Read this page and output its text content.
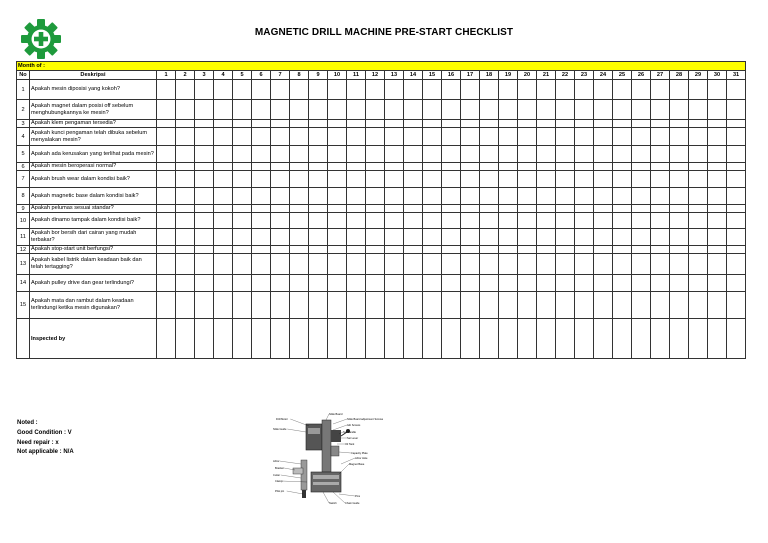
MAGNETIC DRILL MACHINE PRE-START CHECKLIST
Month of :																																
No	Deskripsi	1	2	3	4	5	6	7	8	9	10	11	12	13	14	15	16	17	18	19	20	21	22	23	24	25	26	27	28	29	30	31
1	Apakah mesin diposisi yang kokoh?																															
2	Apakah magnet dalam posisi off sebelum menghubungkannya ke mesin?																															
3	Apakah klem pengaman tersedia?																															
4	Apakah kunci pengaman telah dibuka sebelum menyalakan mesin?																															
5	Apakah ada kerusakan yang terlihat pada mesin?																															
6	Apakah mesin beroperasi normal?																															
7	Apakah brush wear dalam kondisi baik?																															
8	Apakah magnetic base dalam kondisi baik?																															
9	Apakah pelumas sesuai standar?																															
10	Apakah dinamo tampak dalam kondisi baik?																															
11	Apakah bor bersih dari cairan yang mudah terbakar?																															
12	Apakah stop-start unit berfungsi?																															
13	Apakah kabel listrik dalam keadaan baik dan telah tertagging?																															
14	Apakah pulley drive dan gear terlindungi?																															
15	Apakah mata dan rambut dalam keadaan terlindungi ketika mesin digunakan?																															
	Inspected by																															
Noted :
Good Condition : V
Need repair : x
Not applicable : N/A
Drill Motor
Slide Guide
Slide Board
Slide Board adjustment Screws
Gib Screws
Nut Handle
Set Lever
Oil Tank
Capacity Plate
Arbor
Cutter
Magnet Base
Arbor Hole
Bracket
Clamp
Pilot pin
Pins
Switch	Chain Guide
